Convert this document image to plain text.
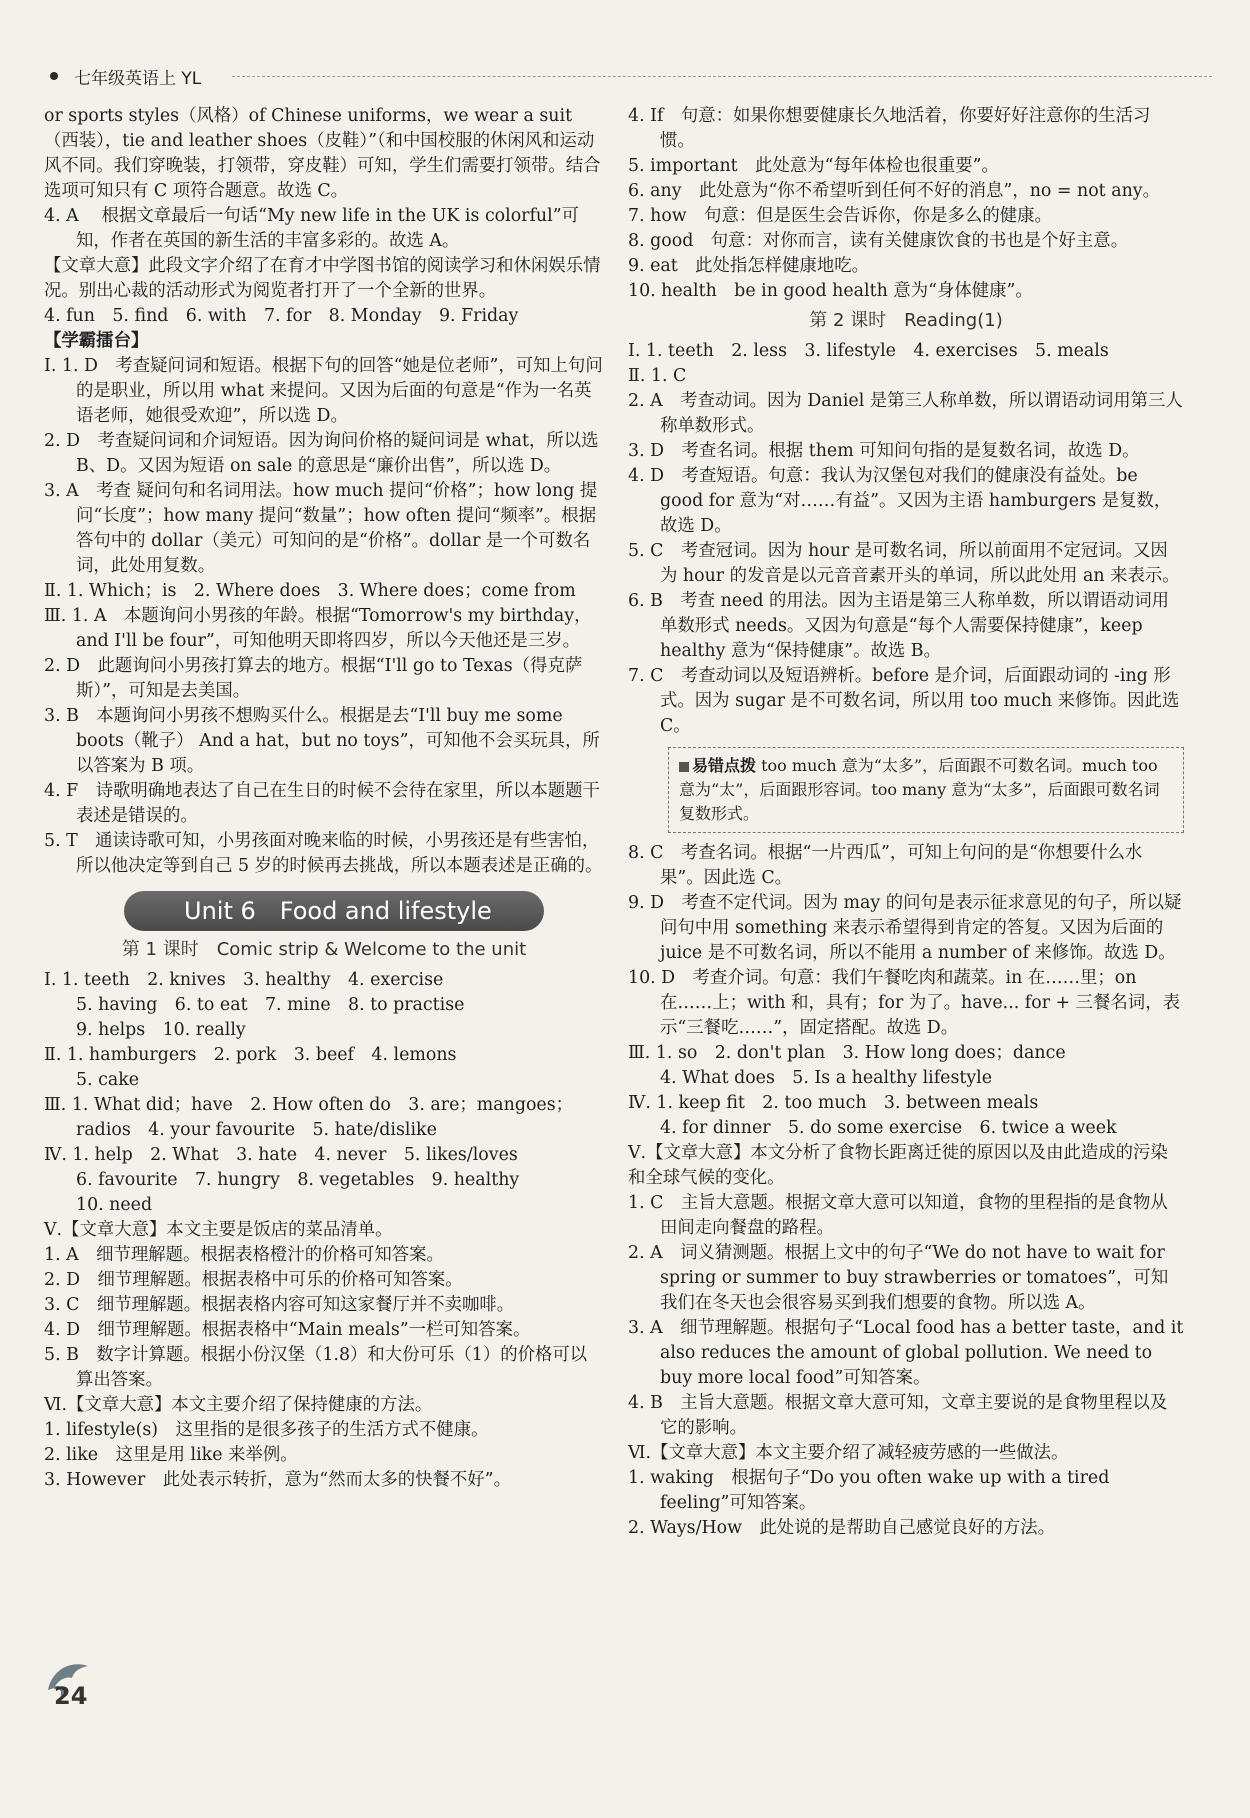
七年级英语上 YL

or sports styles（风格）of Chinese uniforms，we wear a suit（西装），tie and leather shoes（皮鞋）”（和中国校服的休闲风和运动风不同。我们穿晚装，打领带，穿皮鞋）可知，学生们需要打领带。结合选项可知只有 C 项符合题意。故选 C。

4. A　 根据文章最后一句话“My new life in the UK is colorful”可知，作者在英国的新生活的丰富多彩的。故选 A。

【文章大意】此段文字介绍了在育才中学图书馆的阅读学习和休闲娱乐情况。别出心裁的活动形式为阅览者打开了一个全新的世界。

4. fun　5. find　6. with　7. for　8. Monday　9. Friday

【学霸擂台】

Ⅰ. 1. D　考查疑问词和短语。根据下句的回答“她是位老师”，可知上句问的是职业，所以用 what 来提问。又因为后面的句意是“作为一名英语老师，她很受欢迎”，所以选 D。

2. D　考查疑问词和介词短语。因为询问价格的疑问词是 what，所以选 B、D。又因为短语 on sale 的意思是“廉价出售”，所以选 D。

3. A　考查 疑问句和名词用法。how much 提问“价格”；how long 提问“长度”；how many 提问“数量”；how often 提问“频率”。根据答句中的 dollar（美元）可知问的是“价格”。dollar 是一个可数名词，此处用复数。

Ⅱ. 1. Which；is　2. Where does　3. Where does；come from

Ⅲ. 1. A　本题询问小男孩的年龄。根据“Tomorrow's my birthday，and I'll be four”，可知他明天即将四岁，所以今天他还是三岁。

2. D　此题询问小男孩打算去的地方。根据“I'll go to Texas（得克萨斯）”，可知是去美国。

3. B　本题询问小男孩不想购买什么。根据是去“I'll buy me some boots（靴子） And a hat，but no toys”，可知他不会买玩具，所以答案为 B 项。

4. F　诗歌明确地表达了自己在生日的时候不会待在家里，所以本题题干表述是错误的。

5. T　通读诗歌可知，小男孩面对晚来临的时候，小男孩还是有些害怕，所以他决定等到自己 5 岁的时候再去挑战，所以本题表述是正确的。

Unit 6　Food and lifestyle
第 1 课时　Comic strip & Welcome to the unit

Ⅰ. 1. teeth　2. knives　3. healthy　4. exercise

5. having　6. to eat　7. mine　8. to practise

9. helps　10. really

Ⅱ. 1. hamburgers　2. pork　3. beef　4. lemons

5. cake

Ⅲ. 1. What did；have　2. How often do　3. are；mangoes；radios　4. your favourite　5. hate/dislike

Ⅳ. 1. help　2. What　3. hate　4. never　5. likes/loves

6. favourite　7. hungry　8. vegetables　9. healthy

10. need

Ⅴ.【文章大意】本文主要是饭店的菜品清单。

1. A　细节理解题。根据表格橙汁的价格可知答案。

2. D　细节理解题。根据表格中可乐的价格可知答案。

3. C　细节理解题。根据表格内容可知这家餐厅并不卖咖啡。

4. D　细节理解题。根据表格中“Main meals”一栏可知答案。

5. B　数字计算题。根据小份汉堡（1.8）和大份可乐（1）的价格可以算出答案。

Ⅵ.【文章大意】本文主要介绍了保持健康的方法。

1. lifestyle(s)　这里指的是很多孩子的生活方式不健康。

2. like　这里是用 like 来举例。

3. However　此处表示转折，意为“然而太多的快餐不好”。

4. If　句意：如果你想要健康长久地活着，你要好好注意你的生活习惯。

5. important　此处意为“每年体检也很重要”。

6. any　此处意为“你不希望听到任何不好的消息”，no = not any。

7. how　句意：但是医生会告诉你，你是多么的健康。

8. good　句意：对你而言，读有关健康饮食的书也是个好主意。

9. eat　此处指怎样健康地吃。

10. health　be in good health 意为“身体健康”。

第 2 课时　Reading(1)

Ⅰ. 1. teeth　2. less　3. lifestyle　4. exercises　5. meals

Ⅱ. 1. C

2. A　考查动词。因为 Daniel 是第三人称单数，所以谓语动词用第三人称单数形式。

3. D　考查名词。根据 them 可知问句指的是复数名词，故选 D。

4. D　考查短语。句意：我认为汉堡包对我们的健康没有益处。be good for 意为“对……有益”。又因为主语 hamburgers 是复数，故选 D。

5. C　考查冠词。因为 hour 是可数名词，所以前面用不定冠词。又因为 hour 的发音是以元音音素开头的单词，所以此处用 an 来表示。

6. B　考查 need 的用法。因为主语是第三人称单数，所以谓语动词用单数形式 needs。又因为句意是“每个人需要保持健康”，keep healthy 意为“保持健康”。故选 B。

7. C　考查动词以及短语辨析。before 是介词，后面跟动词的 -ing 形式。因为 sugar 是不可数名词，所以用 too much 来修饰。因此选 C。

易错点拨 too much 意为“太多”，后面跟不可数名词。much too 意为“太”，后面跟形容词。too many 意为“太多”，后面跟可数名词复数形式。

8. C　考查名词。根据“一片西瓜”，可知上句问的是“你想要什么水果”。因此选 C。

9. D　考查不定代词。因为 may 的问句是表示征求意见的句子，所以疑问句中用 something 来表示希望得到肯定的答复。又因为后面的 juice 是不可数名词，所以不能用 a number of 来修饰。故选 D。

10. D　考查介词。句意：我们午餐吃肉和蔬菜。in 在……里；on 在……上；with 和，具有；for 为了。have... for + 三餐名词，表示“三餐吃……”，固定搭配。故选 D。

Ⅲ. 1. so　2. don't plan　3. How long does；dance

4. What does　5. Is a healthy lifestyle

Ⅳ. 1. keep fit　2. too much　3. between meals

4. for dinner　5. do some exercise　6. twice a week

Ⅴ.【文章大意】本文分析了食物长距离迁徙的原因以及由此造成的污染和全球气候的变化。

1. C　主旨大意题。根据文章大意可以知道，食物的里程指的是食物从田间走向餐盘的路程。

2. A　词义猜测题。根据上文中的句子“We do not have to wait for spring or summer to buy strawberries or tomatoes”，可知我们在冬天也会很容易买到我们想要的食物。所以选 A。

3. A　细节理解题。根据句子“Local food has a better taste，and it also reduces the amount of global pollution. We need to buy more local food”可知答案。

4. B　主旨大意题。根据文章大意可知，文章主要说的是食物里程以及它的影响。

Ⅵ.【文章大意】本文主要介绍了减轻疲劳感的一些做法。

1. waking　根据句子“Do you often wake up with a tired feeling”可知答案。

2. Ways/How　此处说的是帮助自己感觉良好的方法。

24
